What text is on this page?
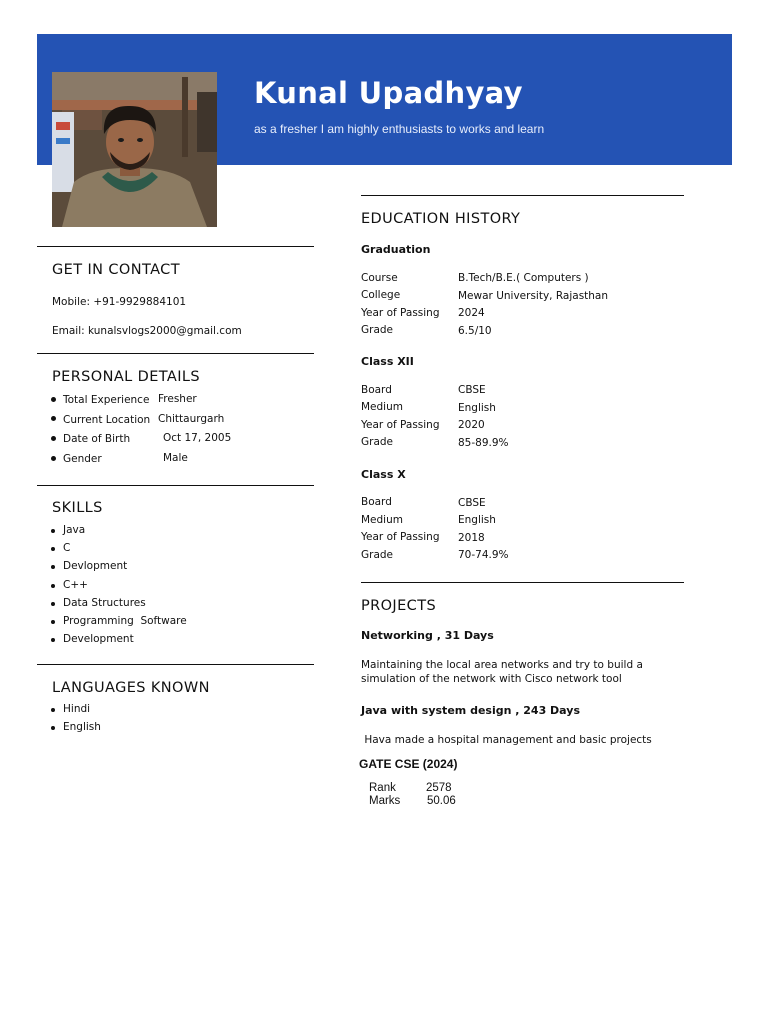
Kunal Upadhyay
as a fresher I am highly enthusiasts to works and learn
GET IN CONTACT
Mobile: +91-9929884101
Email: kunalsvlogs2000@gmail.com
PERSONAL DETAILS
Total Experience Fresher
Current Location Chittaurgarh
Date of Birth	Oct 17, 2005
Gender	Male
SKILLS
Java
C
Devlopment
C++
Data Structures
Programming  Software
Development
LANGUAGES KNOWN
Hindi
English
EDUCATION HISTORY
Graduation
Course	B.Tech/B.E.( Computers )
College	Mewar University, Rajasthan
Year of Passing 2024
Grade	6.5/10
Class XII
Board	CBSE
Medium	English
Year of Passing 2020
Grade	85-89.9%
Class X
Board	CBSE
Medium	English
Year of Passing 2018
Grade	70-74.9%
PROJECTS
Networking , 31 Days
Maintaining the local area networks and try to build a
simulation of the network with Cisco network tool
Java with system design , 243 Days
Hava made a hospital management and basic projects
GATE CSE (2024)
Rank	2578
Marks 50.06
